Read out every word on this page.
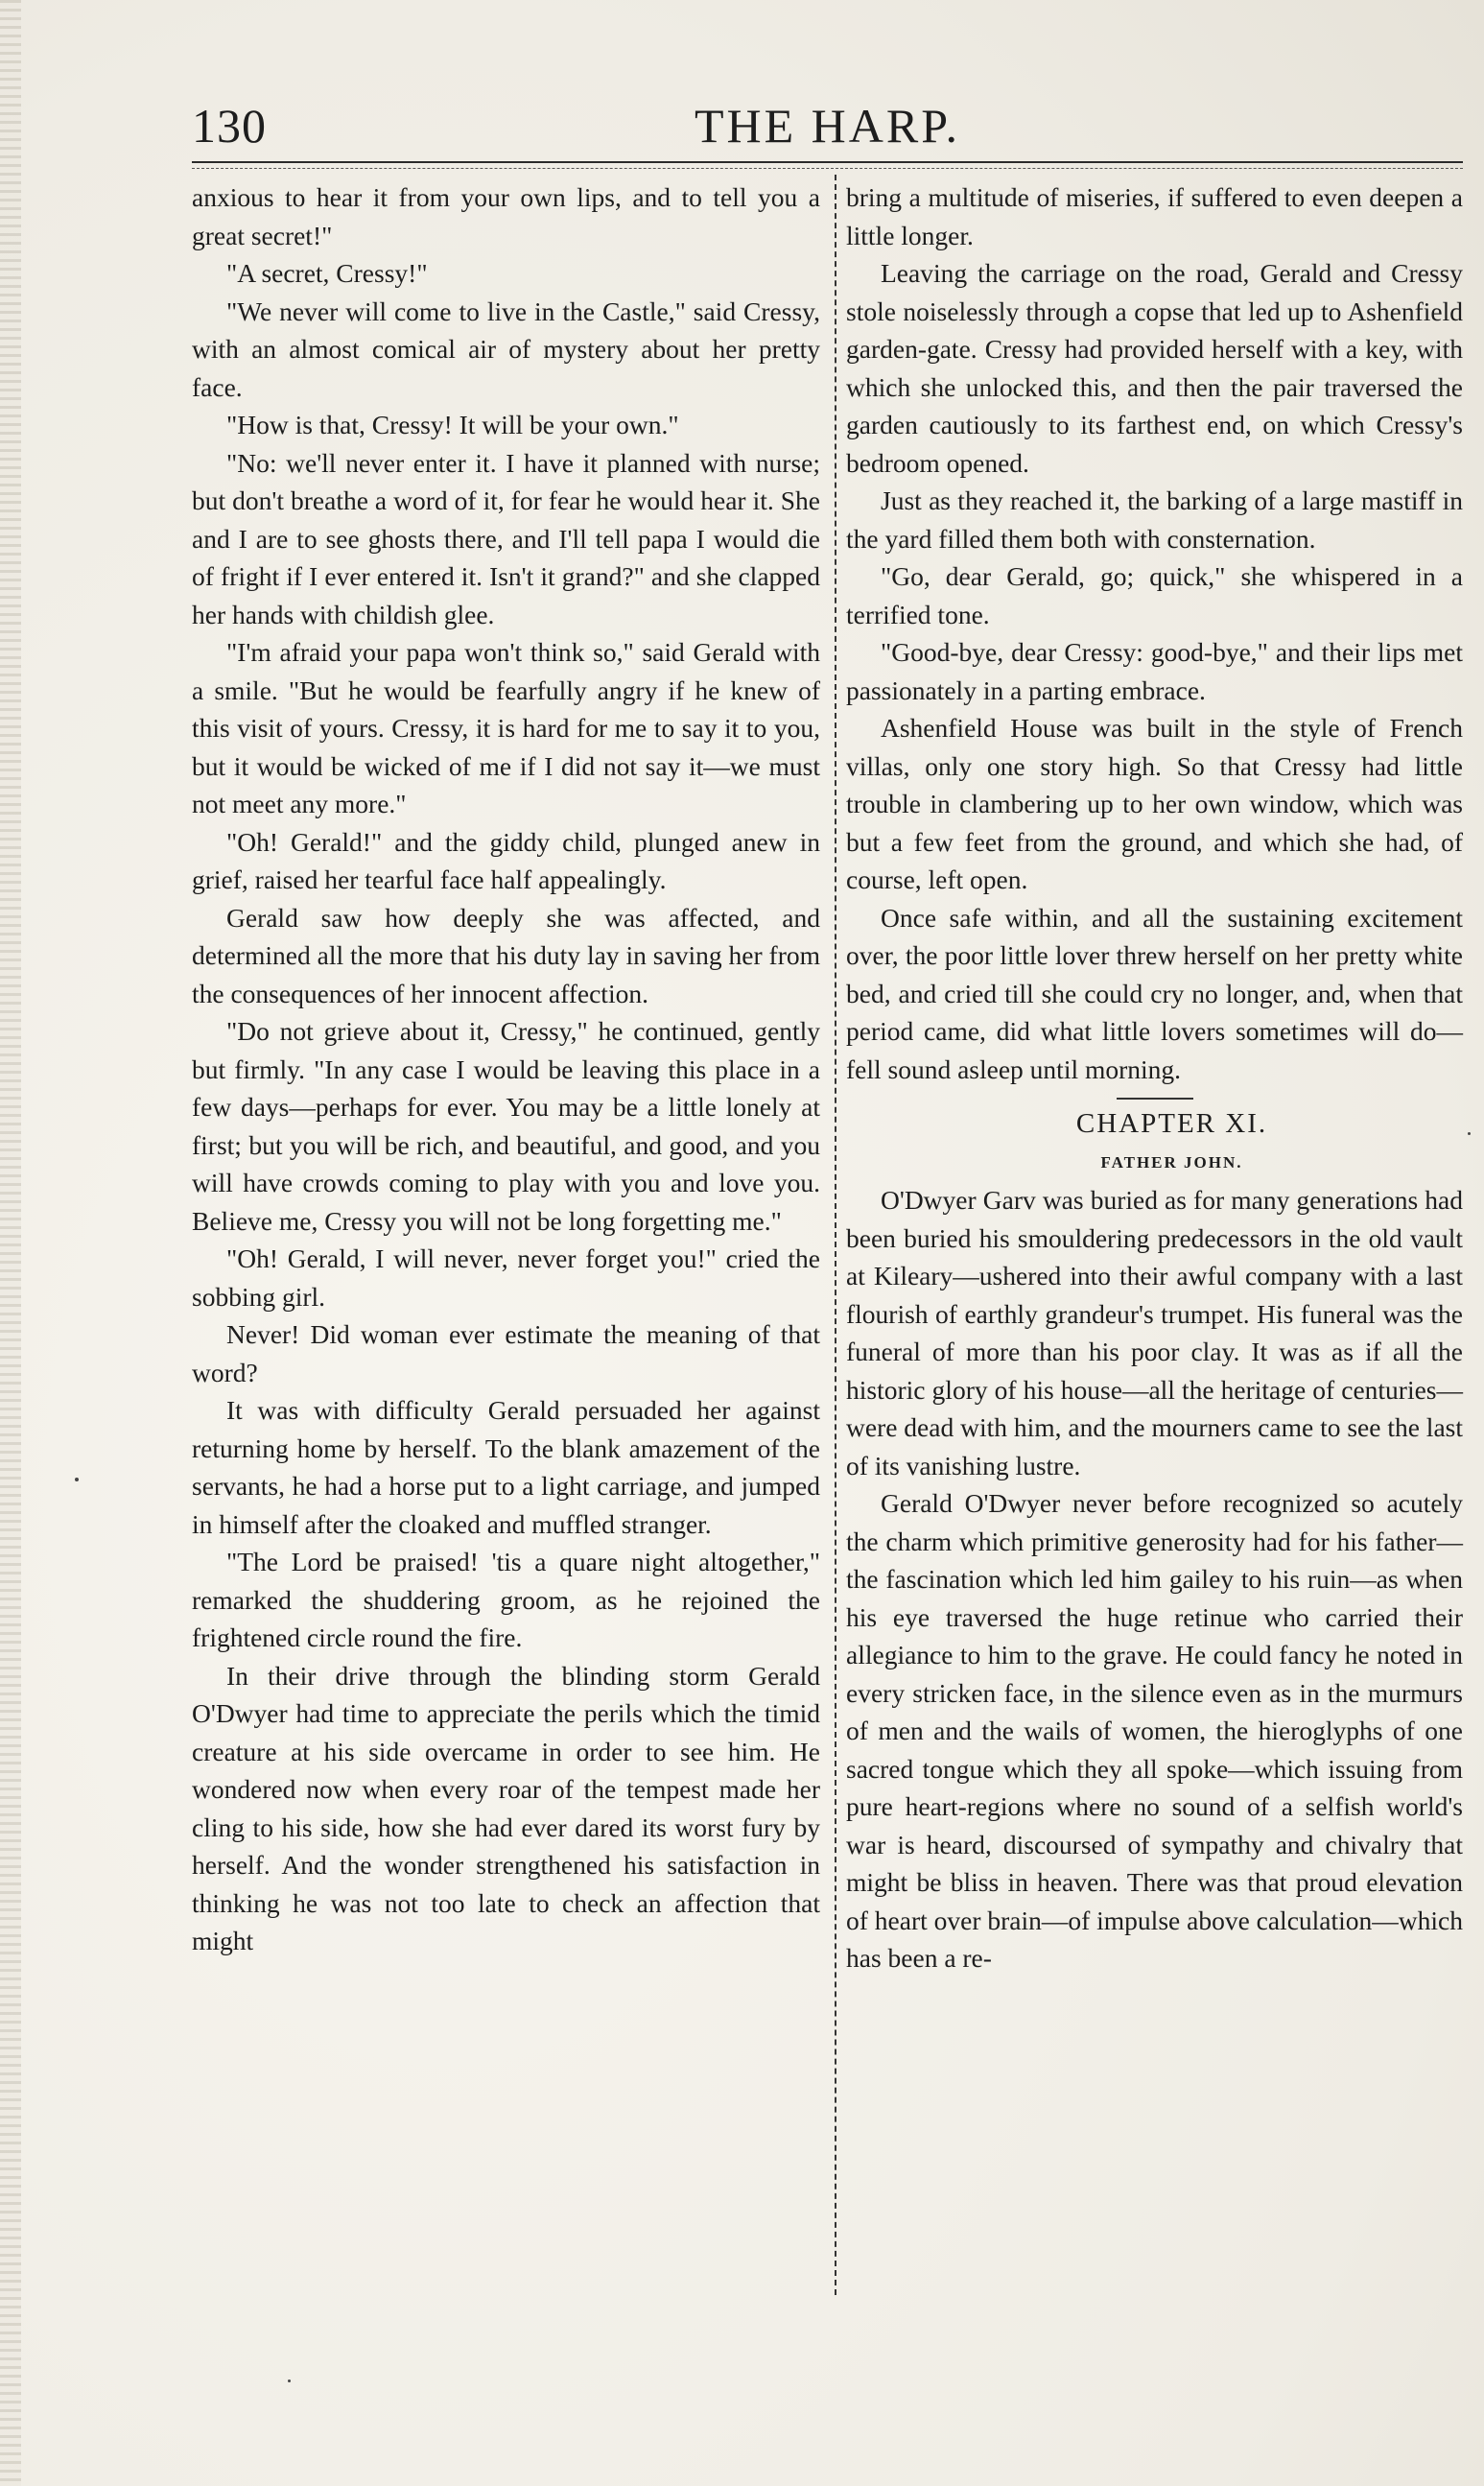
130	THE HARP.

anxious to hear it from your own lips, and to tell you a great secret!"

"A secret, Cressy!"

"We never will come to live in the Castle," said Cressy, with an almost comical air of mystery about her pretty face.

"How is that, Cressy! It will be your own."

"No: we'll never enter it. I have it planned with nurse; but don't breathe a word of it, for fear he would hear it. She and I are to see ghosts there, and I'll tell papa I would die of fright if I ever entered it. Isn't it grand?" and she clapped her hands with childish glee.

"I'm afraid your papa won't think so," said Gerald with a smile. "But he would be fearfully angry if he knew of this visit of yours. Cressy, it is hard for me to say it to you, but it would be wicked of me if I did not say it—we must not meet any more."

"Oh! Gerald!" and the giddy child, plunged anew in grief, raised her tearful face half appealingly.

Gerald saw how deeply she was affected, and determined all the more that his duty lay in saving her from the consequences of her innocent affection.

"Do not grieve about it, Cressy," he continued, gently but firmly. "In any case I would be leaving this place in a few days—perhaps for ever. You may be a little lonely at first; but you will be rich, and beautiful, and good, and you will have crowds coming to play with you and love you. Believe me, Cressy you will not be long forgetting me."

"Oh! Gerald, I will never, never forget you!" cried the sobbing girl.

Never! Did woman ever estimate the meaning of that word?

It was with difficulty Gerald persuaded her against returning home by herself. To the blank amazement of the servants, he had a horse put to a light carriage, and jumped in himself after the cloaked and muffled stranger.

"The Lord be praised! 'tis a quare night altogether," remarked the shuddering groom, as he rejoined the frightened circle round the fire.

In their drive through the blinding storm Gerald O'Dwyer had time to appreciate the perils which the timid creature at his side overcame in order to see him. He wondered now when every roar of the tempest made her cling to his side, how she had ever dared its worst fury by herself. And the wonder strengthened his satisfaction in thinking he was not too late to check an affection that might

bring a multitude of miseries, if suffered to even deepen a little longer.

Leaving the carriage on the road, Gerald and Cressy stole noiselessly through a copse that led up to Ashenfield garden-gate. Cressy had provided herself with a key, with which she unlocked this, and then the pair traversed the garden cautiously to its farthest end, on which Cressy's bedroom opened.

Just as they reached it, the barking of a large mastiff in the yard filled them both with consternation.

"Go, dear Gerald, go; quick," she whispered in a terrified tone.

"Good-bye, dear Cressy: good-bye," and their lips met passionately in a parting embrace.

Ashenfield House was built in the style of French villas, only one story high. So that Cressy had little trouble in clambering up to her own window, which was but a few feet from the ground, and which she had, of course, left open.

Once safe within, and all the sustaining excitement over, the poor little lover threw herself on her pretty white bed, and cried till she could cry no longer, and, when that period came, did what little lovers sometimes will do—fell sound asleep until morning.

CHAPTER XI.

FATHER JOHN.

O'Dwyer Garv was buried as for many generations had been buried his smouldering predecessors in the old vault at Kileary—ushered into their awful company with a last flourish of earthly grandeur's trumpet. His funeral was the funeral of more than his poor clay. It was as if all the historic glory of his house—all the heritage of centuries—were dead with him, and the mourners came to see the last of its vanishing lustre.

Gerald O'Dwyer never before recognized so acutely the charm which primitive generosity had for his father—the fascination which led him gailey to his ruin—as when his eye traversed the huge retinue who carried their allegiance to him to the grave. He could fancy he noted in every stricken face, in the silence even as in the murmurs of men and the wails of women, the hieroglyphs of one sacred tongue which they all spoke—which issuing from pure heart-regions where no sound of a selfish world's war is heard, discoursed of sympathy and chivalry that might be bliss in heaven. There was that proud elevation of heart over brain—of impulse above calculation—which has been a re-
